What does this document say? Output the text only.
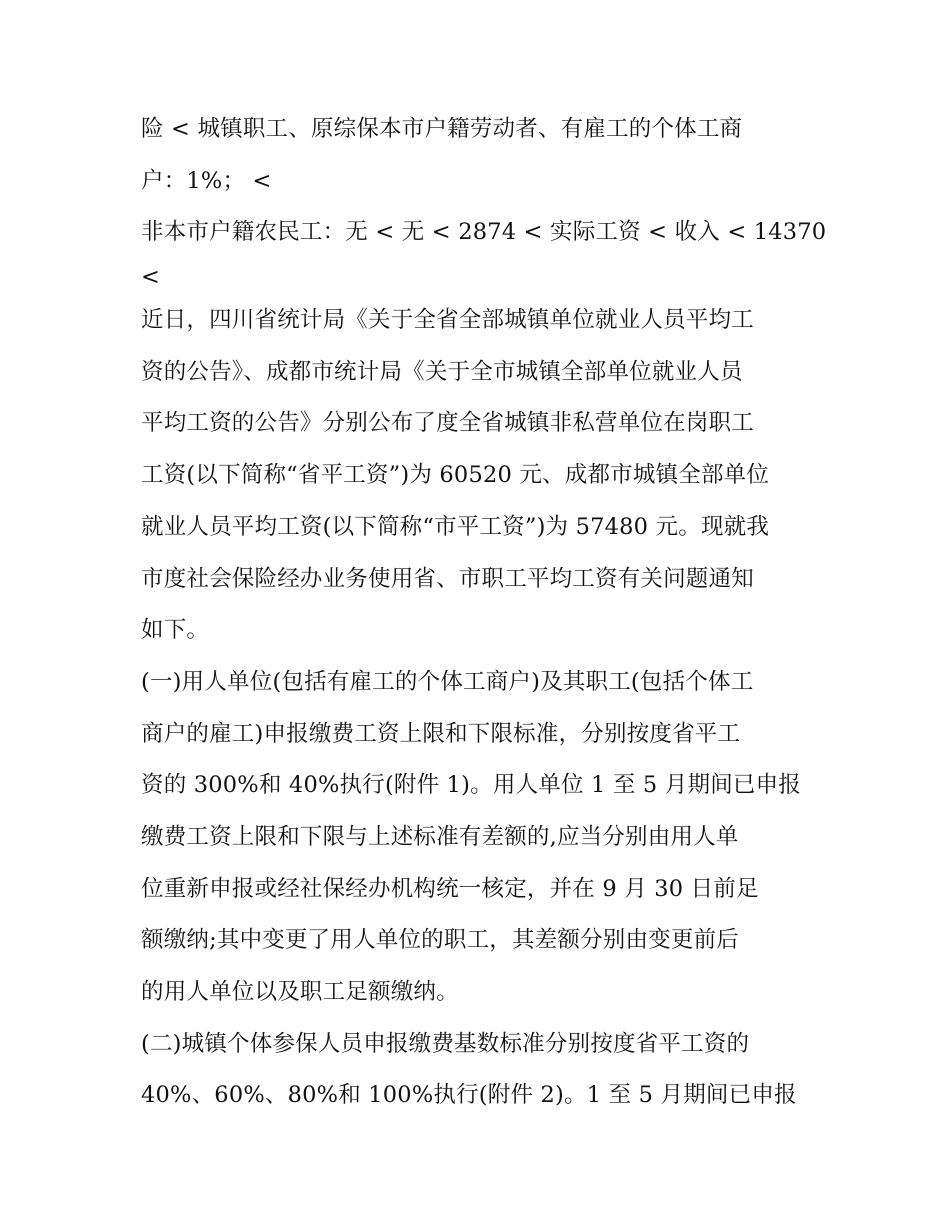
险 < 城镇职工、原综保本市户籍劳动者、有雇工的个体工商
户：1%； <
非本市户籍农民工：无 < 无 < 2874 < 实际工资 < 收入 < 14370
<
近日，四川省统计局《关于全省全部城镇单位就业人员平均工
资的公告》、成都市统计局《关于全市城镇全部单位就业人员
平均工资的公告》分别公布了度全省城镇非私营单位在岗职工
工资(以下简称“省平工资”)为 60520 元、成都市城镇全部单位
就业人员平均工资(以下简称“市平工资”)为 57480 元。现就我
市度社会保险经办业务使用省、市职工平均工资有关问题通知
如下。
(一)用人单位(包括有雇工的个体工商户)及其职工(包括个体工
商户的雇工)申报缴费工资上限和下限标准，分别按度省平工
资的 300%和 40%执行(附件 1)。用人单位 1 至 5 月期间已申报
缴费工资上限和下限与上述标准有差额的,应当分别由用人单
位重新申报或经社保经办机构统一核定，并在 9 月 30 日前足
额缴纳;其中变更了用人单位的职工，其差额分别由变更前后
的用人单位以及职工足额缴纳。
(二)城镇个体参保人员申报缴费基数标准分别按度省平工资的
40%、60%、80%和 100%执行(附件 2)。1 至 5 月期间已申报
